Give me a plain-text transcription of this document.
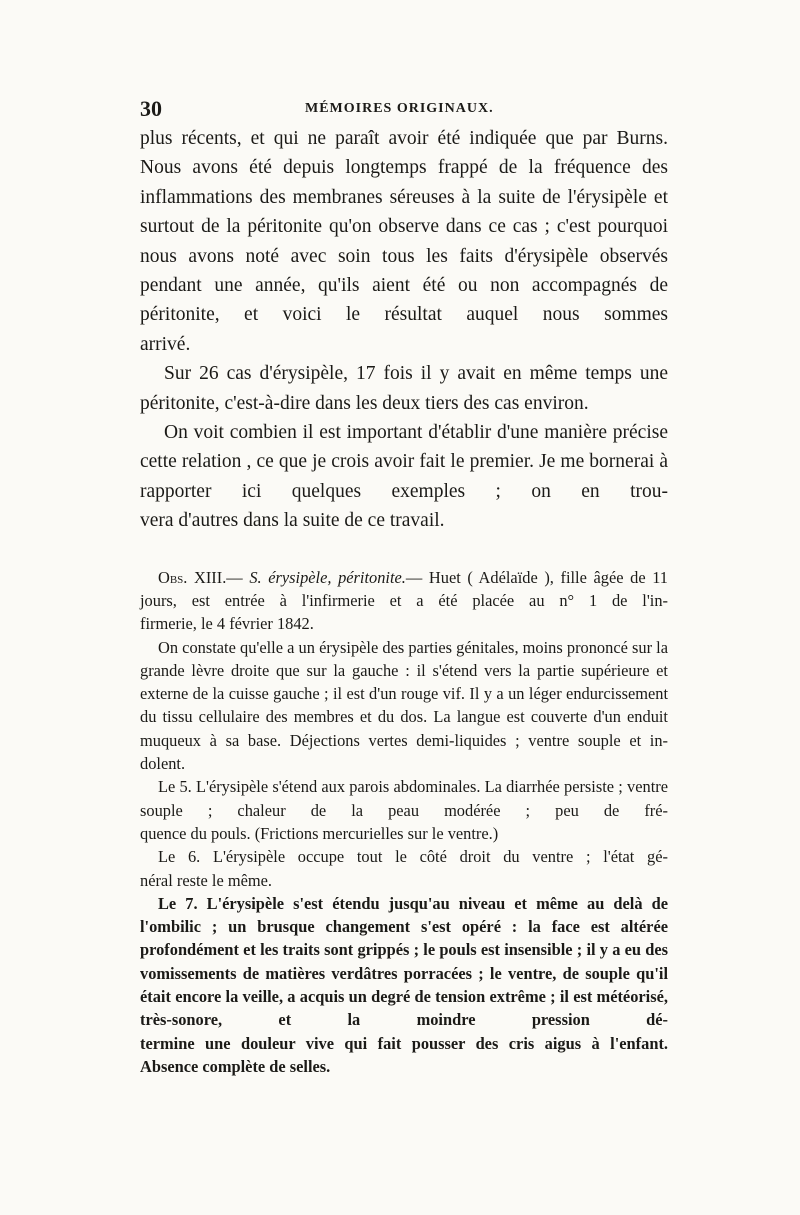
30	MÉMOIRES ORIGINAUX.

plus récents, et qui ne paraît avoir été indiquée que par Burns. Nous avons été depuis longtemps frappé de la fréquence des inflammations des membranes séreuses à la suite de l'érysipèle et surtout de la péritonite qu'on observe dans ce cas ; c'est pourquoi nous avons noté avec soin tous les faits d'érysipèle observés pendant une année, qu'ils aient été ou non accompagnés de péritonite, et voici le résultat auquel nous sommes

arrivé.

Sur 26 cas d'érysipèle, 17 fois il y avait en même temps une

péritonite, c'est-à-dire dans les deux tiers des cas environ.

On voit combien il est important d'établir d'une manière précise cette relation , ce que je crois avoir fait le premier. Je me bornerai à rapporter ici quelques exemples ; on en trou-

vera d'autres dans la suite de ce travail.

Obs. XIII.— S. érysipèle, péritonite.— Huet ( Adélaïde ), fille âgée de 11 jours, est entrée à l'infirmerie et a été placée au n° 1 de l'in-

firmerie, le 4 février 1842.

On constate qu'elle a un érysipèle des parties génitales, moins prononcé sur la grande lèvre droite que sur la gauche : il s'étend vers la partie supérieure et externe de la cuisse gauche ; il est d'un rouge vif. Il y a un léger endurcissement du tissu cellulaire des membres et du dos. La langue est couverte d'un enduit muqueux à sa base. Déjections vertes demi-liquides ; ventre souple et in-

dolent.

Le 5. L'érysipèle s'étend aux parois abdominales. La diarrhée persiste ; ventre souple ; chaleur de la peau modérée ; peu de fré-

quence du pouls. (Frictions mercurielles sur le ventre.)

Le 6. L'érysipèle occupe tout le côté droit du ventre ; l'état gé-

néral reste le même.

Le 7. L'érysipèle s'est étendu jusqu'au niveau et même au delà de l'ombilic ; un brusque changement s'est opéré : la face est altérée profondément et les traits sont grippés ; le pouls est insensible ; il y a eu des vomissements de matières verdâtres porracées ; le ventre, de souple qu'il était encore la veille, a acquis un degré de tension extrême ; il est météorisé, très-sonore, et la moindre pression dé-

termine une douleur vive qui fait pousser des cris aigus à l'enfant.

Absence complète de selles.
